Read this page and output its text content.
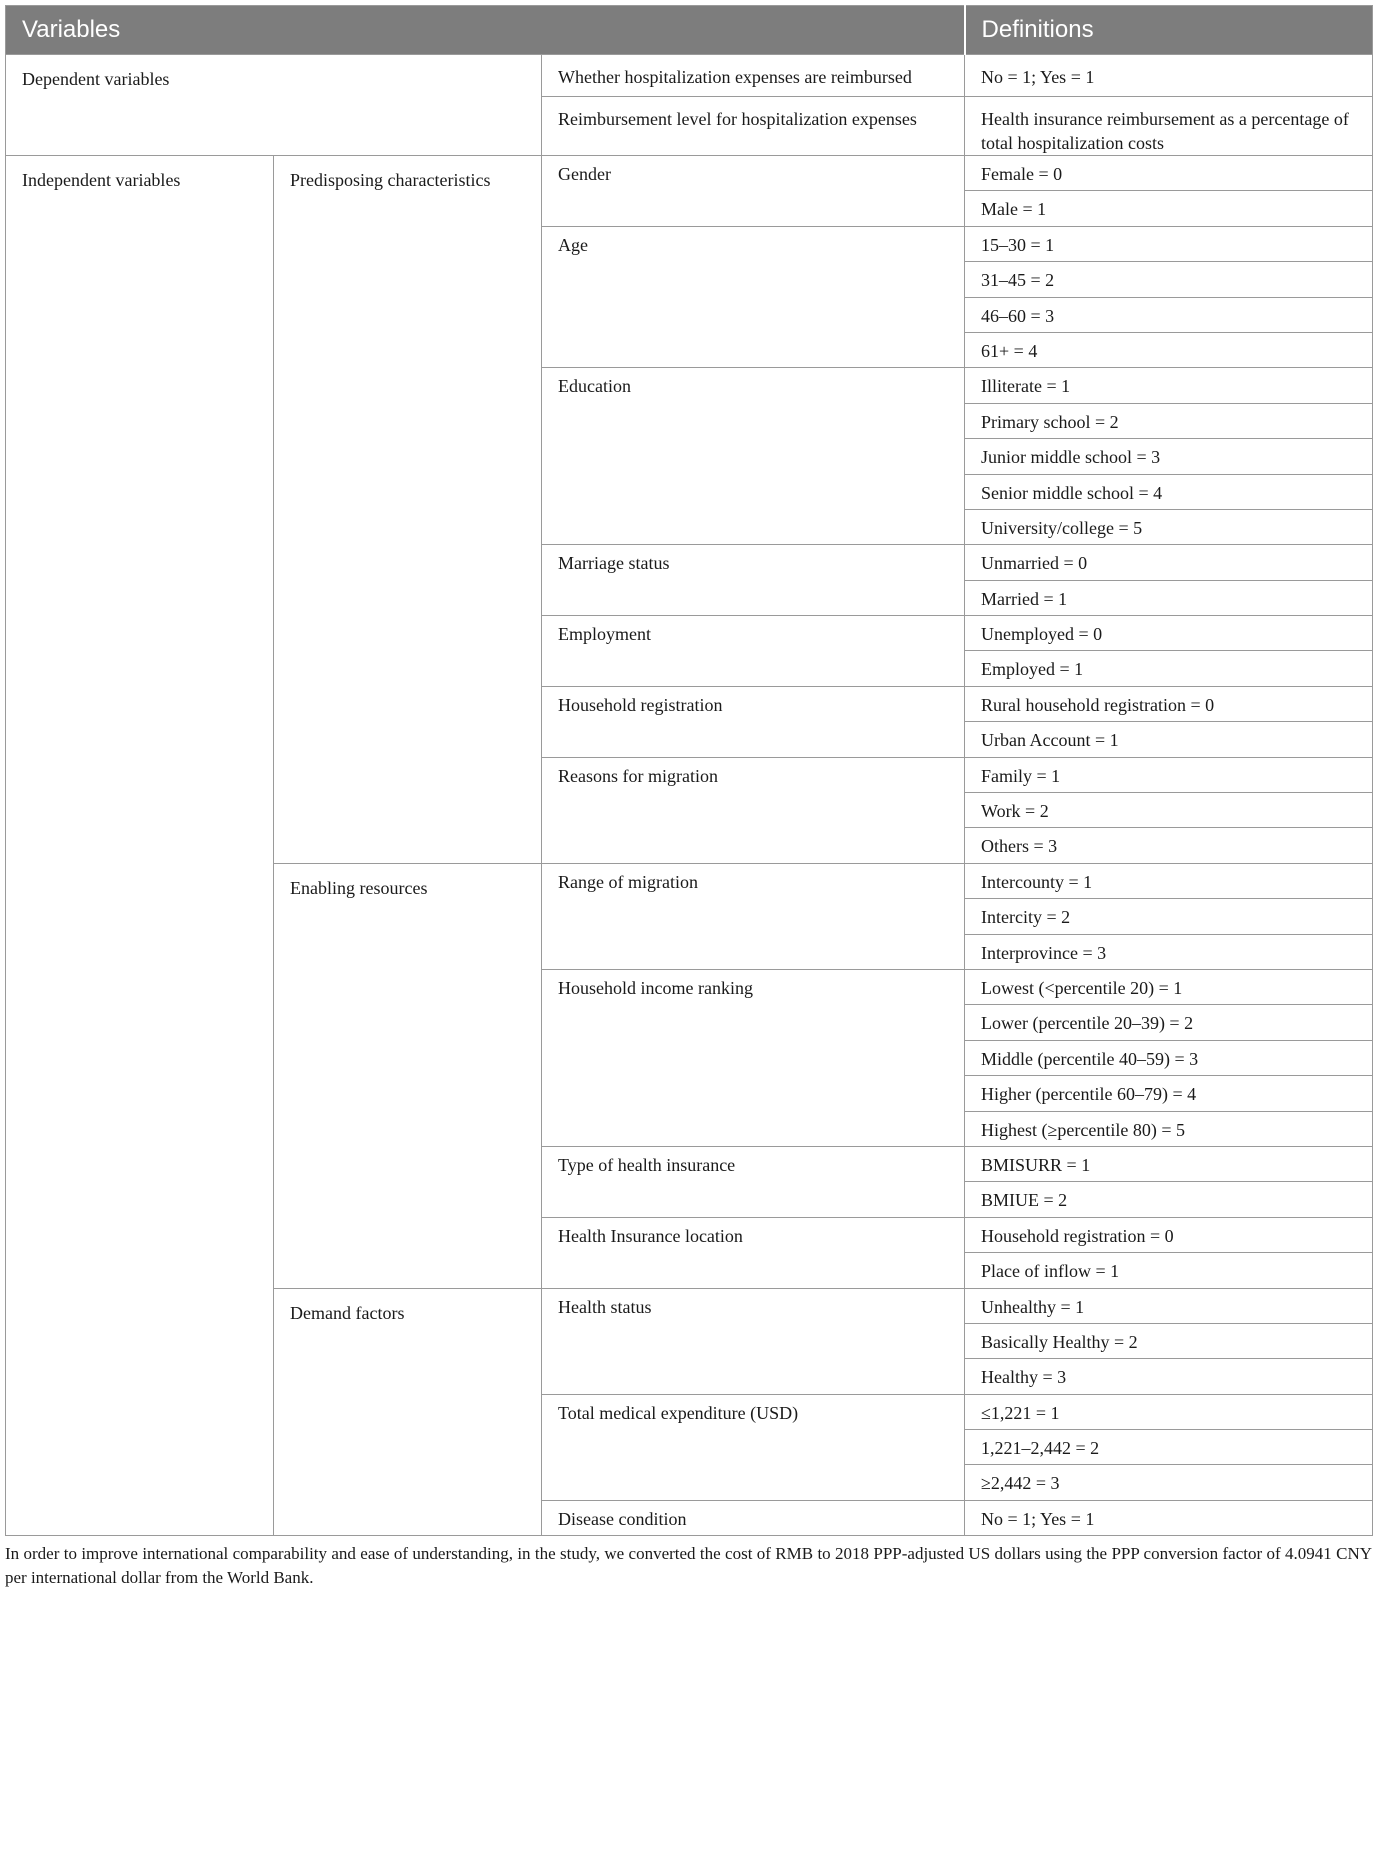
Variables			Definitions
Dependent variables		Whether hospitalization expenses are reimbursed	No = 1; Yes = 1
		Reimbursement level for hospitalization expenses	Health insurance reimbursement as a percentage of total hospitalization costs
Independent variables	Predisposing characteristics	Gender	Female = 0
			Male = 1
		Age	15–30 = 1
			31–45 = 2
			46–60 = 3
			61+ = 4
		Education	Illiterate = 1
			Primary school = 2
			Junior middle school = 3
			Senior middle school = 4
			University/college = 5
		Marriage status	Unmarried = 0
			Married = 1
		Employment	Unemployed = 0
			Employed = 1
		Household registration	Rural household registration = 0
			Urban Account = 1
		Reasons for migration	Family = 1
			Work = 2
			Others = 3
	Enabling resources	Range of migration	Intercounty = 1
			Intercity = 2
			Interprovince = 3
		Household income ranking	Lowest (<percentile 20) = 1
			Lower (percentile 20–39) = 2
			Middle (percentile 40–59) = 3
			Higher (percentile 60–79) = 4
			Highest (≥percentile 80) = 5
		Type of health insurance	BMISURR = 1
			BMIUE = 2
		Health Insurance location	Household registration = 0
			Place of inflow = 1
	Demand factors	Health status	Unhealthy = 1
			Basically Healthy = 2
			Healthy = 3
		Total medical expenditure (USD)	≤1,221 = 1
			1,221–2,442 = 2
			≥2,442 = 3
		Disease condition	No = 1; Yes = 1
In order to improve international comparability and ease of understanding, in the study, we converted the cost of RMB to 2018 PPP-adjusted US dollars using the PPP conversion factor of 4.0941 CNY per international dollar from the World Bank.
